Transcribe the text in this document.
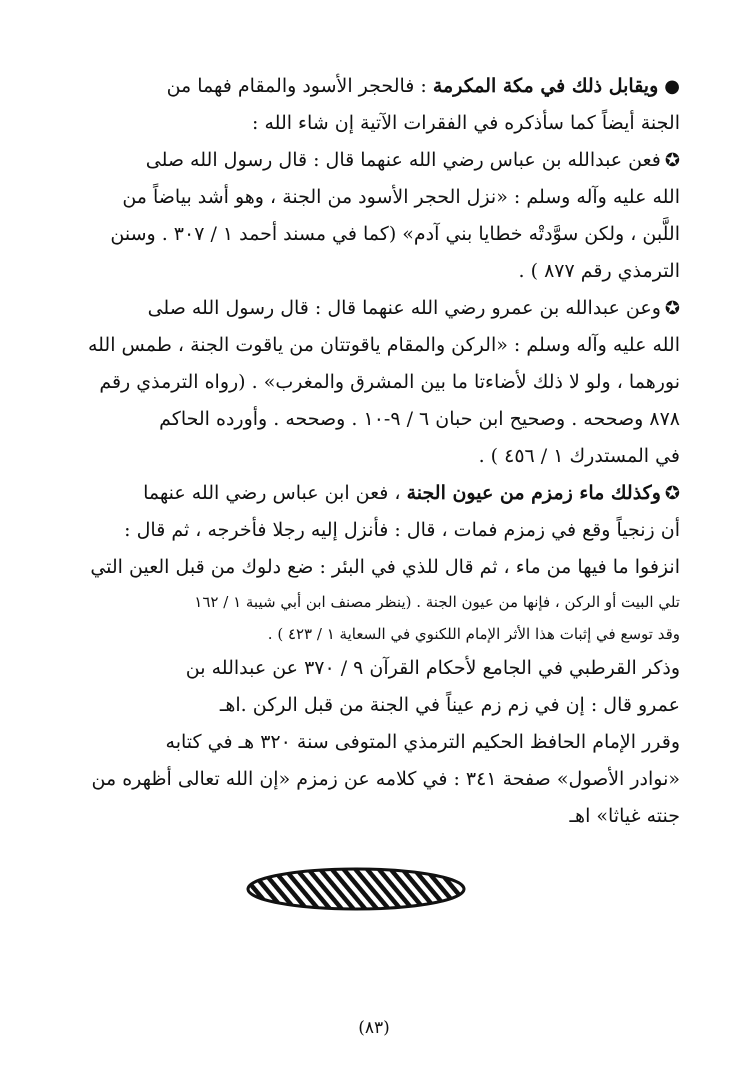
●ويقابل ذلك في مكة المكرمة : فالحجر الأسود والمقام فهما من
الجنة أيضاً كما سأذكره في الفقرات الآتية إن شاء الله :
✪فعن عبدالله بن عباس رضي الله عنهما قال : قال رسول الله صلى
الله عليه وآله وسلم : «نزل الحجر الأسود من الجنة ، وهو أشد بياضاً من
اللَّبن ، ولكن سوَّدتْه خطايا بني آدم» (كما في مسند أحمد ١ / ٣٠٧ . وسنن
الترمذي رقم ٨٧٧ ) .
✪وعن عبدالله بن عمرو رضي الله عنهما قال : قال رسول الله صلى
الله عليه وآله وسلم : «الركن والمقام ياقوتتان من ياقوت الجنة ، طمس الله
نورهما ، ولو لا ذلك لأضاءتا ما بين المشرق والمغرب» . (رواه الترمذي رقم
٨٧٨ وصححه . وصحيح ابن حبان ٦ / ٩-١٠ . وصححه . وأورده الحاكم
في المستدرك ١ / ٤٥٦ ) .
✪وكذلك ماء زمزم من عيون الجنة ، فعن ابن عباس رضي الله عنهما
أن زنجياً وقع في زمزم فمات ، قال : فأنزل إليه رجلا فأخرجه ، ثم قال :
انزفوا ما فيها من ماء ، ثم قال للذي في البئر : ضع دلوك من قبل العين التي
تلي البيت أو الركن ، فإنها من عيون الجنة . (ينظر مصنف ابن أبي شيبة ١ / ١٦٢
وقد توسع في إثبات هذا الأثر الإمام اللكنوي في السعاية ١ / ٤٢٣ ) .
وذكر القرطبي في الجامع لأحكام القرآن ٩ / ٣٧٠ عن عبدالله بن
عمرو قال : إن في زم زم عيناً في الجنة من قبل الركن .اهـ
وقرر الإمام الحافظ الحكيم الترمذي المتوفى سنة ٣٢٠ هـ في كتابه
«نوادر الأصول» صفحة ٣٤١ : في كلامه عن زمزم «إن الله تعالى أظهره من
جنته غياثا» اهـ
(٨٣)
